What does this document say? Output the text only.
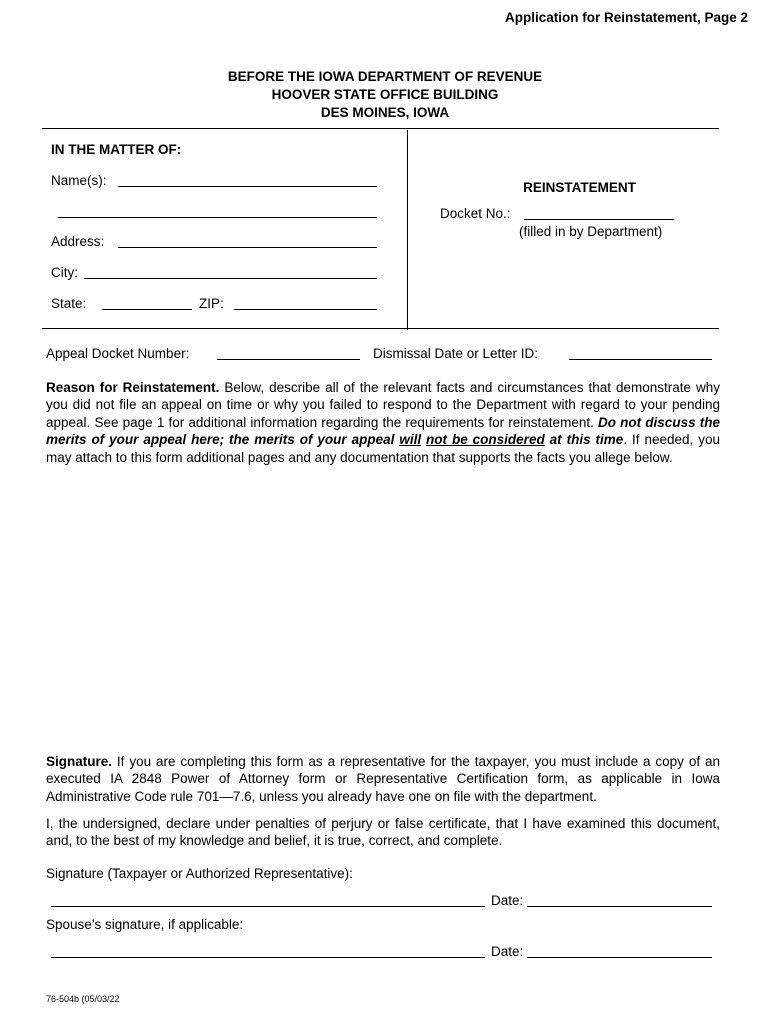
Application for Reinstatement, Page 2
BEFORE THE IOWA DEPARTMENT OF REVENUE
HOOVER STATE OFFICE BUILDING
DES MOINES, IOWA
IN THE MATTER OF:
Name(s):
Address:
City:
State:	ZIP:
REINSTATEMENT
Docket No.:
(filled in by Department)
Appeal Docket Number:	Dismissal Date or Letter ID:
Reason for Reinstatement. Below, describe all of the relevant facts and circumstances that demonstrate why you did not file an appeal on time or why you failed to respond to the Department with regard to your pending appeal. See page 1 for additional information regarding the requirements for reinstatement. Do not discuss the merits of your appeal here; the merits of your appeal will not be considered at this time. If needed, you may attach to this form additional pages and any documentation that supports the facts you allege below.
Signature. If you are completing this form as a representative for the taxpayer, you must include a copy of an executed IA 2848 Power of Attorney form or Representative Certification form, as applicable in Iowa Administrative Code rule 701—7.6, unless you already have one on file with the department.
I, the undersigned, declare under penalties of perjury or false certificate, that I have examined this document, and, to the best of my knowledge and belief, it is true, correct, and complete.
Signature (Taxpayer or Authorized Representative):
Date:
Spouse’s signature, if applicable:
Date:
76-504b (05/03/22
